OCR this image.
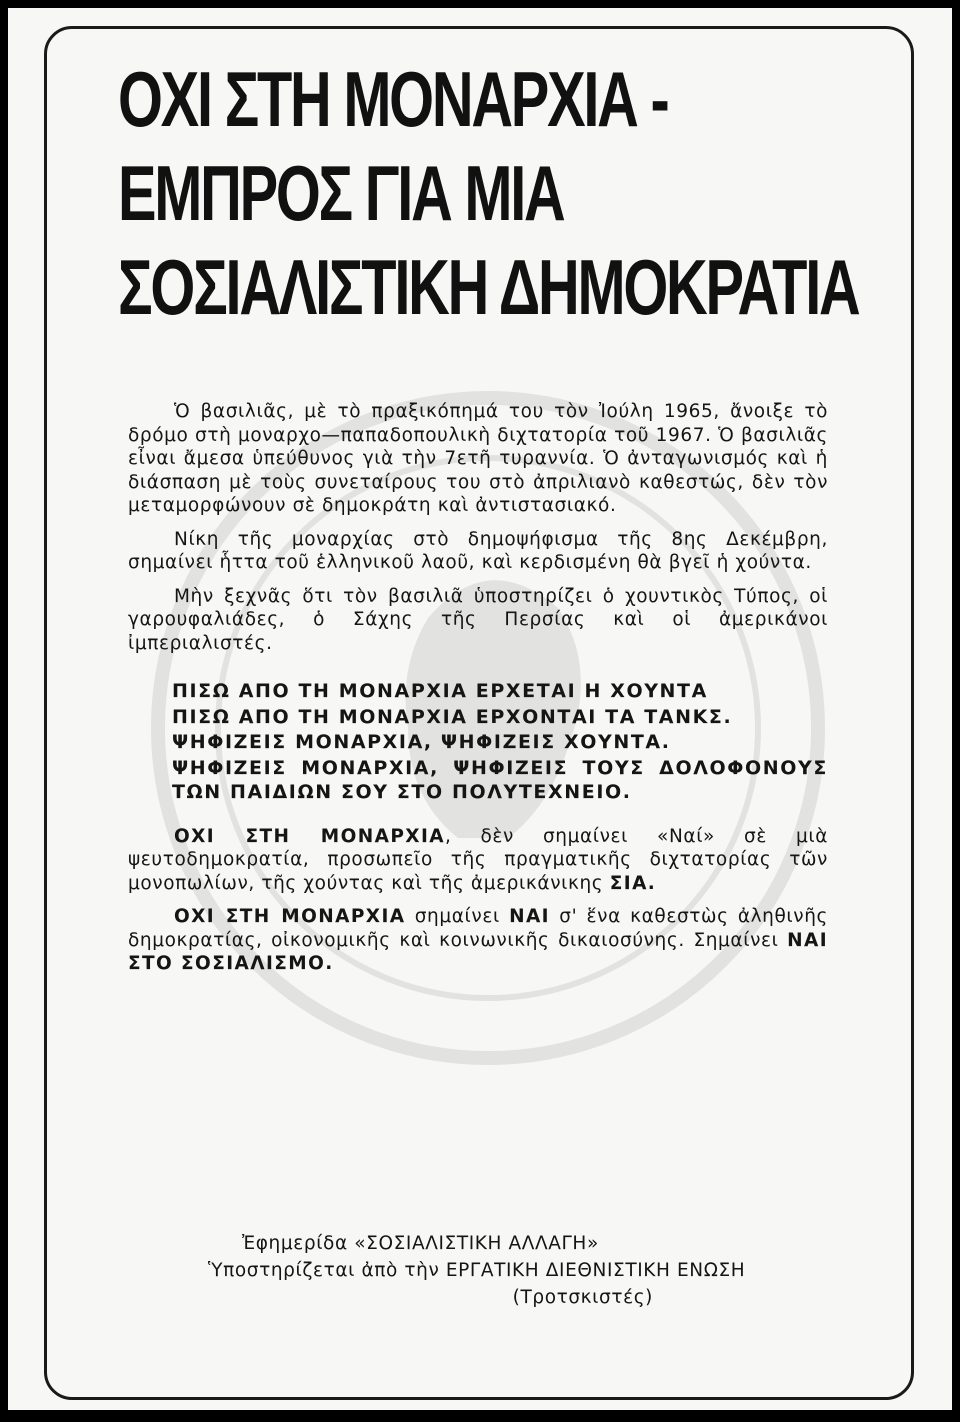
ΟΧΙ ΣΤΗ ΜΟΝΑΡΧΙΑ -
ΕΜΠΡΟΣ ΓΙΑ ΜΙΑ
ΣΟΣΙΑΛΙΣΤΙΚΗ ΔΗΜΟΚΡΑΤΙΑ

Ὁ βασιλιᾶς, μὲ τὸ πραξικόπημά του τὸν Ἰούλη 1965, ἄνοιξε τὸ δρόμο στὴ μοναρχο—παπαδοπουλικὴ διχτατορία τοῦ 1967. Ὁ βασιλιᾶς εἶναι ἄμεσα ὑπεύθυνος γιὰ τὴν 7ετῆ τυραννία. Ὁ ἀνταγωνισμός καὶ ἡ διάσπαση μὲ τοὺς συνεταίρους του στὸ ἀπριλιανὸ καθεστώς, δὲν τὸν μεταμορφώνουν σὲ δημοκράτη καὶ ἀντιστασιακό.

Νίκη τῆς μοναρχίας στὸ δημοψήφισμα τῆς 8ης Δεκέμβρη, σημαίνει ἧττα τοῦ ἑλληνικοῦ λαοῦ, καὶ κερδισμένη θὰ βγεῖ ἡ χούντα.

Μὴν ξεχνᾶς ὅτι τὸν βασιλιᾶ ὑποστηρίζει ὁ χουντικὸς Τύπος, οἱ γαρουφαλιάδες, ὁ Σάχης τῆς Περσίας καὶ οἱ ἀμερικάνοι ἰμπεριαλιστές.

ΠΙΣΩ ΑΠΟ ΤΗ ΜΟΝΑΡΧΙΑ ΕΡΧΕΤΑΙ Η ΧΟΥΝΤΑ
ΠΙΣΩ ΑΠΟ ΤΗ ΜΟΝΑΡΧΙΑ ΕΡΧΟΝΤΑΙ ΤΑ ΤΑΝΚΣ.
ΨΗΦΙΖΕΙΣ ΜΟΝΑΡΧΙΑ, ΨΗΦΙΖΕΙΣ ΧΟΥΝΤΑ.
ΨΗΦΙΖΕΙΣ ΜΟΝΑΡΧΙΑ, ΨΗΦΙΖΕΙΣ ΤΟΥΣ ΔΟΛΟΦΟΝΟΥΣ ΤΩΝ ΠΑΙΔΙΩΝ ΣΟΥ ΣΤΟ ΠΟΛΥΤΕΧΝΕΙΟ.

ΟΧΙ ΣΤΗ ΜΟΝΑΡΧΙΑ, δὲν σημαίνει «Ναί» σὲ μιὰ ψευτοδημοκρατία, προσωπεῖο τῆς πραγματικῆς διχτατορίας τῶν μονοπωλίων, τῆς χούντας καὶ τῆς ἀμερικάνικης ΣΙΑ.

ΟΧΙ ΣΤΗ ΜΟΝΑΡΧΙΑ σημαίνει ΝΑΙ σ' ἕνα καθεστὼς ἀληθινῆς δημοκρατίας, οἰκονομικῆς καὶ κοινωνικῆς δικαιοσύνης. Σημαίνει ΝΑΙ ΣΤΟ ΣΟΣΙΑΛΙΣΜΟ.

Ἐφημερίδα «ΣΟΣΙΑΛΙΣΤΙΚΗ ΑΛΛΑΓΗ»
Ὑποστηρίζεται ἀπὸ τὴν ΕΡΓΑΤΙΚΗ ΔΙΕΘΝΙΣΤΙΚΗ ΕΝΩΣΗ
(Τροτσκιστές)
